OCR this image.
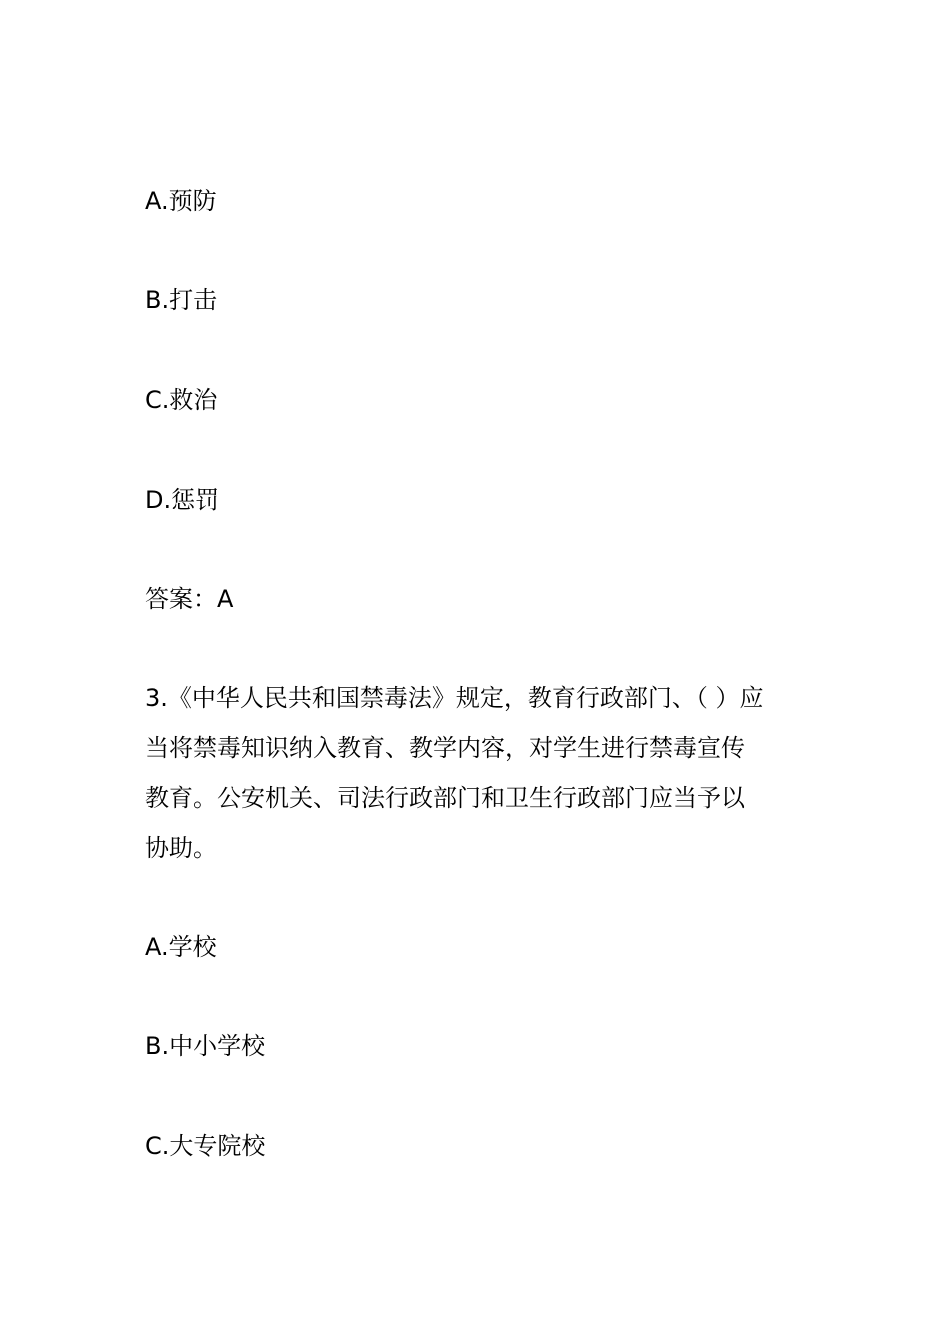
A.预防
B.打击
C.救治
D.惩罚
答案：A
3.《中华人民共和国禁毒法》规定，教育行政部门、（ ）应
当将禁毒知识纳入教育、教学内容，对学生进行禁毒宣传
教育。公安机关、司法行政部门和卫生行政部门应当予以
协助。
A.学校
B.中小学校
C.大专院校
